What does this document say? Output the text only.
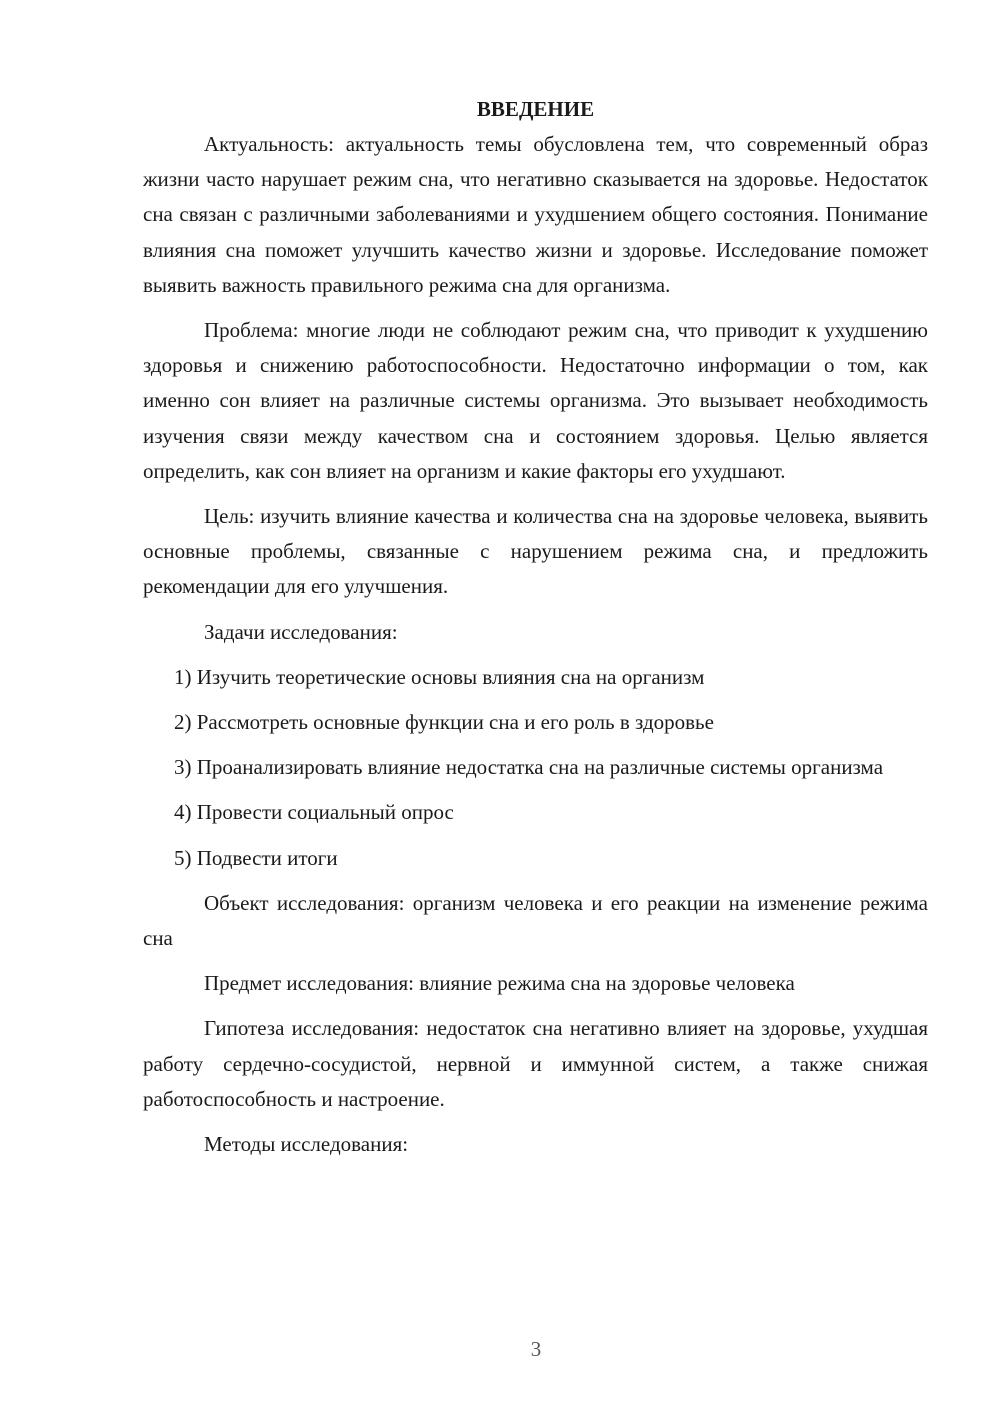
ВВЕДЕНИЕ

Актуальность: актуальность темы обусловлена тем, что современный образ жизни часто нарушает режим сна, что негативно сказывается на здоровье. Недостаток сна связан с различными заболеваниями и ухудшением общего состояния. Понимание влияния сна поможет улучшить качество жизни и здоровье. Исследование поможет выявить важность правильного режима сна для организма.

Проблема: многие люди не соблюдают режим сна, что приводит к ухудшению здоровья и снижению работоспособности. Недостаточно информации о том, как именно сон влияет на различные системы организма. Это вызывает необходимость изучения связи между качеством сна и состоянием здоровья. Целью является определить, как сон влияет на организм и какие факторы его ухудшают.

Цель: изучить влияние качества и количества сна на здоровье человека, выявить основные проблемы, связанные с нарушением режима сна, и предложить рекомендации для его улучшения.

Задачи исследования:

1) Изучить теоретические основы влияния сна на организм

2) Рассмотреть основные функции сна и его роль в здоровье

3) Проанализировать влияние недостатка сна на различные системы организма

4) Провести социальный опрос

5) Подвести итоги

Объект исследования: организм человека и его реакции на изменение режима сна

Предмет исследования: влияние режима сна на здоровье человека

Гипотеза исследования: недостаток сна негативно влияет на здоровье, ухудшая работу сердечно-сосудистой, нервной и иммунной систем, а также снижая работоспособность и настроение.

Методы исследования:

3
